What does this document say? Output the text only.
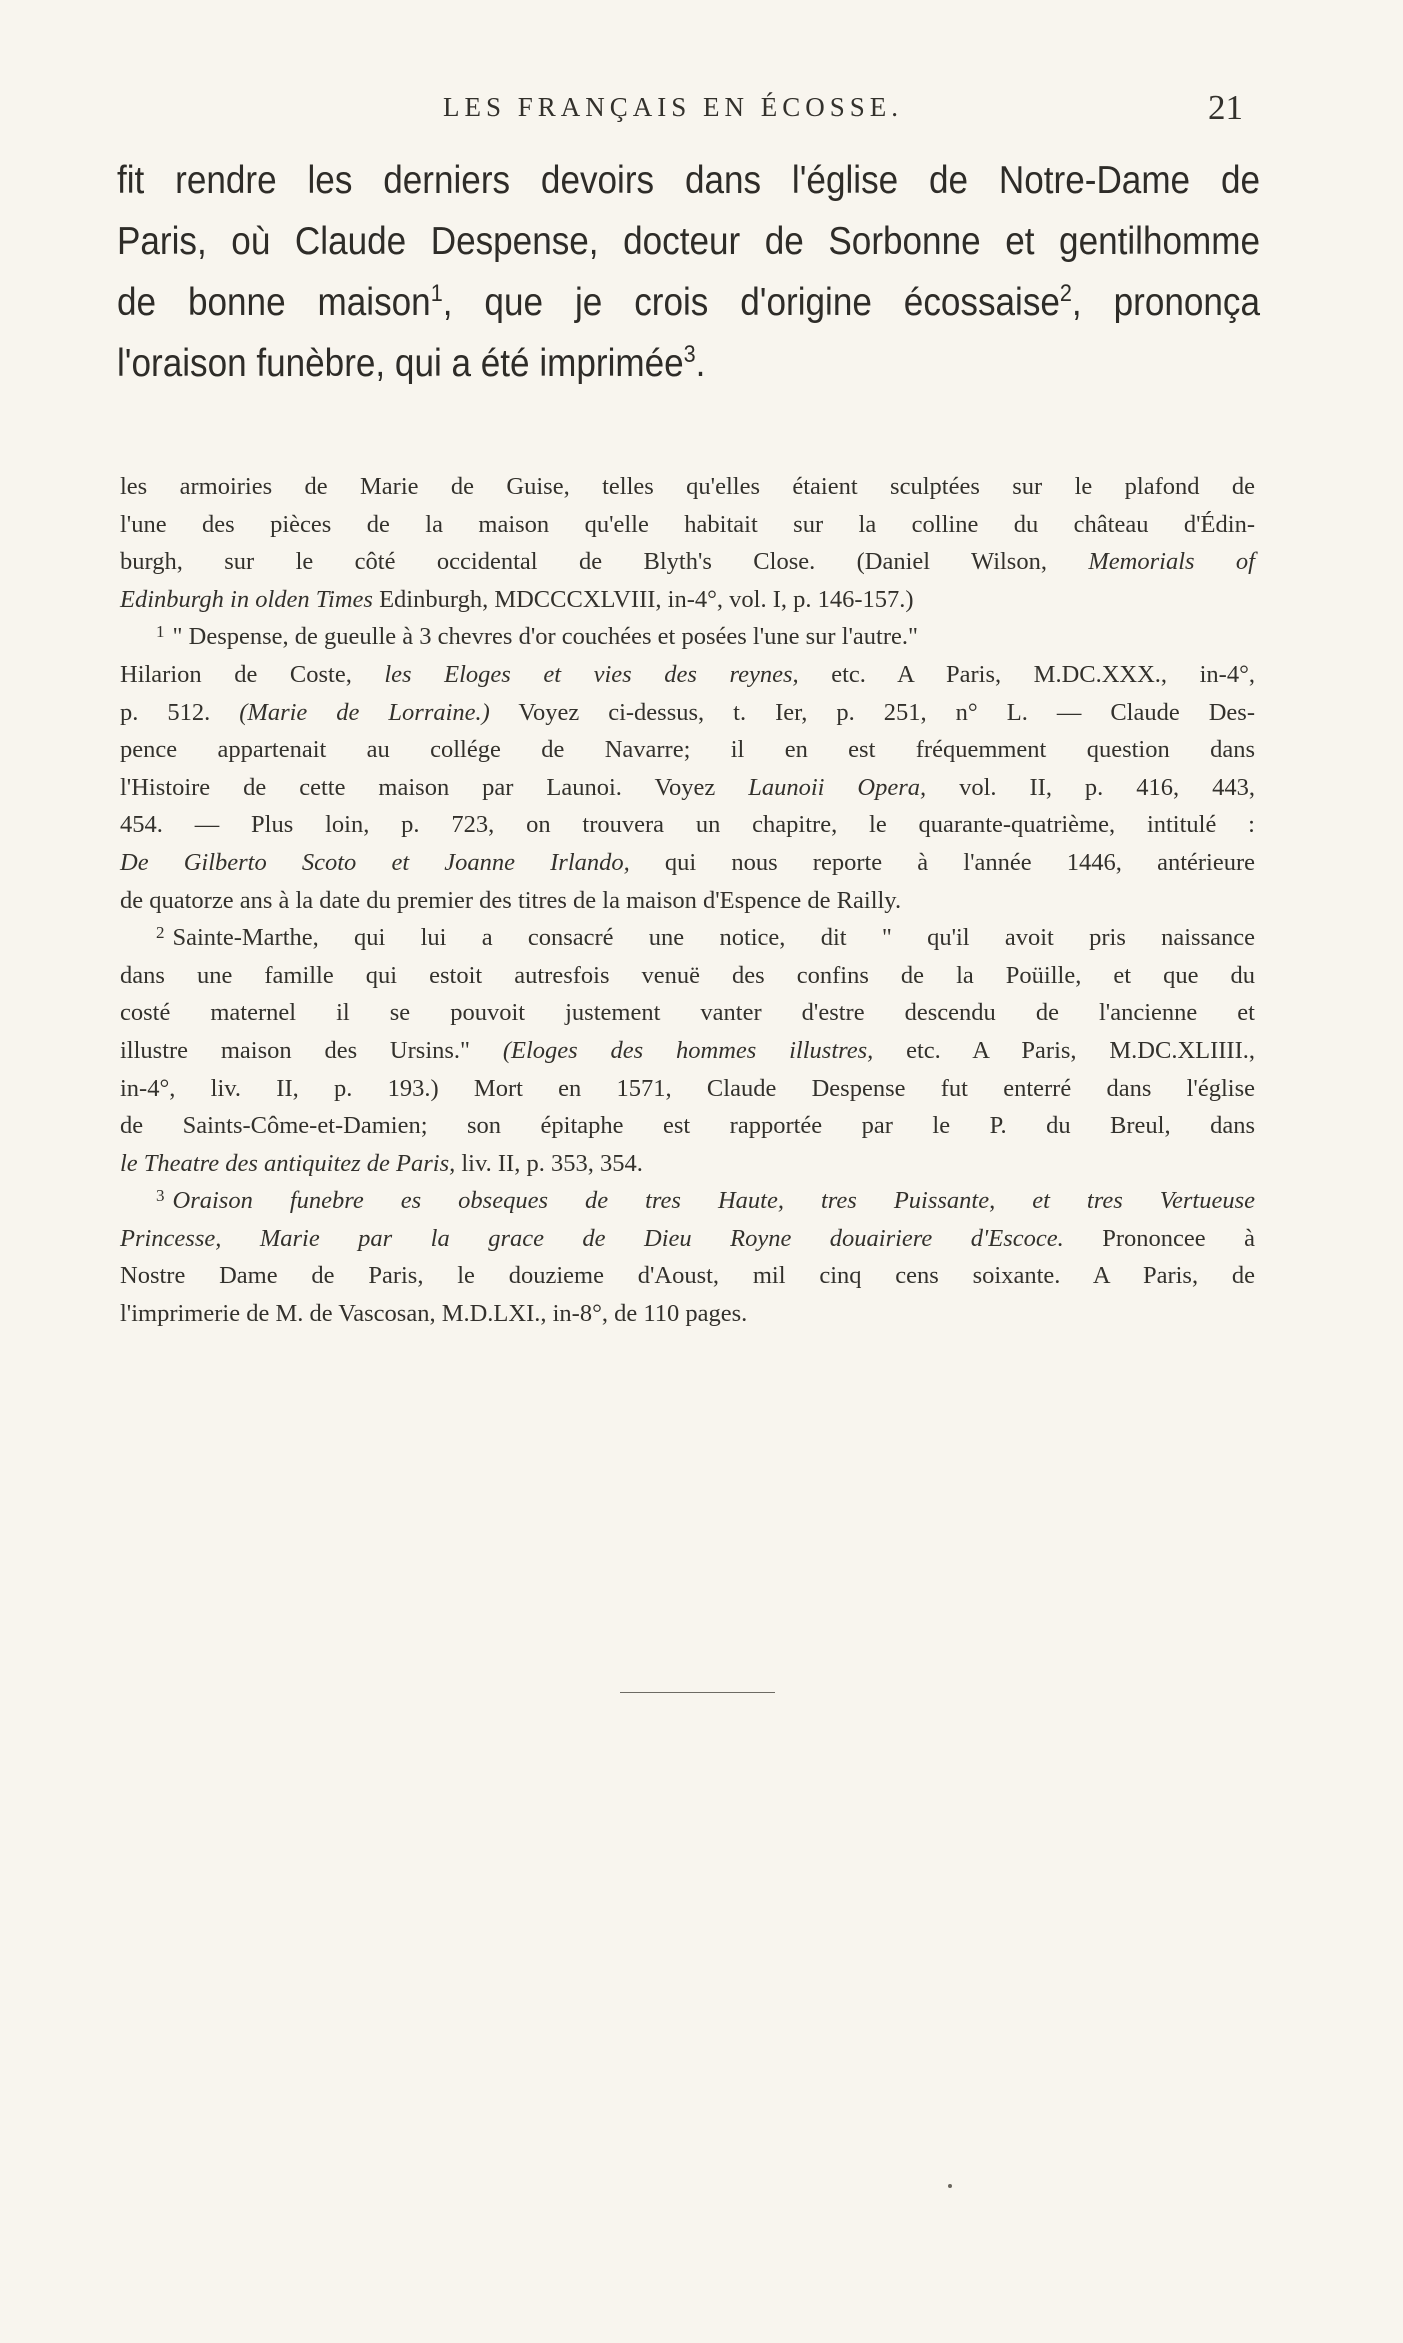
LES FRANÇAIS EN ÉCOSSE.	21
fit rendre les derniers devoirs dans l'église de Notre-Dame de
Paris, où Claude Despense, docteur de Sorbonne et gentilhomme
de bonne maison$^1$, que je crois d'origine écossaise$^2$, prononça
l'oraison funèbre, qui a été imprimée$^3$.
les armoiries de Marie de Guise, telles qu'elles étaient sculptées sur le plafond de
l'une des pièces de la maison qu'elle habitait sur la colline du château d'Édin-
burgh, sur le côté occidental de Blyth's Close. (Daniel Wilson, Memorials of
Edinburgh in olden Times Edinburgh, MDCCCXLVIII, in-4°, vol. I, p. 146-157.)
$^1$ " Despense, de gueulle à 3 chevres d'or couchées et posées l'une sur l'autre."
Hilarion de Coste, les Eloges et vies des reynes, etc. A Paris, M.DC.XXX., in-4°,
p. 512. (Marie de Lorraine.) Voyez ci-dessus, t. Ier, p. 251, n° L. — Claude Des-
pence appartenait au collége de Navarre; il en est fréquemment question dans
l'Histoire de cette maison par Launoi. Voyez Launoii Opera, vol. II, p. 416, 443,
454. — Plus loin, p. 723, on trouvera un chapitre, le quarante-quatrième, intitulé :
De Gilberto Scoto et Joanne Irlando, qui nous reporte à l'année 1446, antérieure
de quatorze ans à la date du premier des titres de la maison d'Espence de Railly.
$^2$ Sainte-Marthe, qui lui a consacré une notice, dit " qu'il avoit pris naissance
dans une famille qui estoit autresfois venuë des confins de la Poüille, et que du
costé maternel il se pouvoit justement vanter d'estre descendu de l'ancienne et
illustre maison des Ursins." (Eloges des hommes illustres, etc. A Paris, M.DC.XLIIII.,
in-4°, liv. II, p. 193.) Mort en 1571, Claude Despense fut enterré dans l'église
de Saints-Côme-et-Damien; son épitaphe est rapportée par le P. du Breul, dans
le Theatre des antiquitez de Paris, liv. II, p. 353, 354.
$^3$ Oraison funebre es obseques de tres Haute, tres Puissante, et tres Vertueuse
Princesse, Marie par la grace de Dieu Royne douairiere d'Escoce. Prononcee à
Nostre Dame de Paris, le douzieme d'Aoust, mil cinq cens soixante. A Paris, de
l'imprimerie de M. de Vascosan, M.D.LXI., in-8°, de 110 pages.
